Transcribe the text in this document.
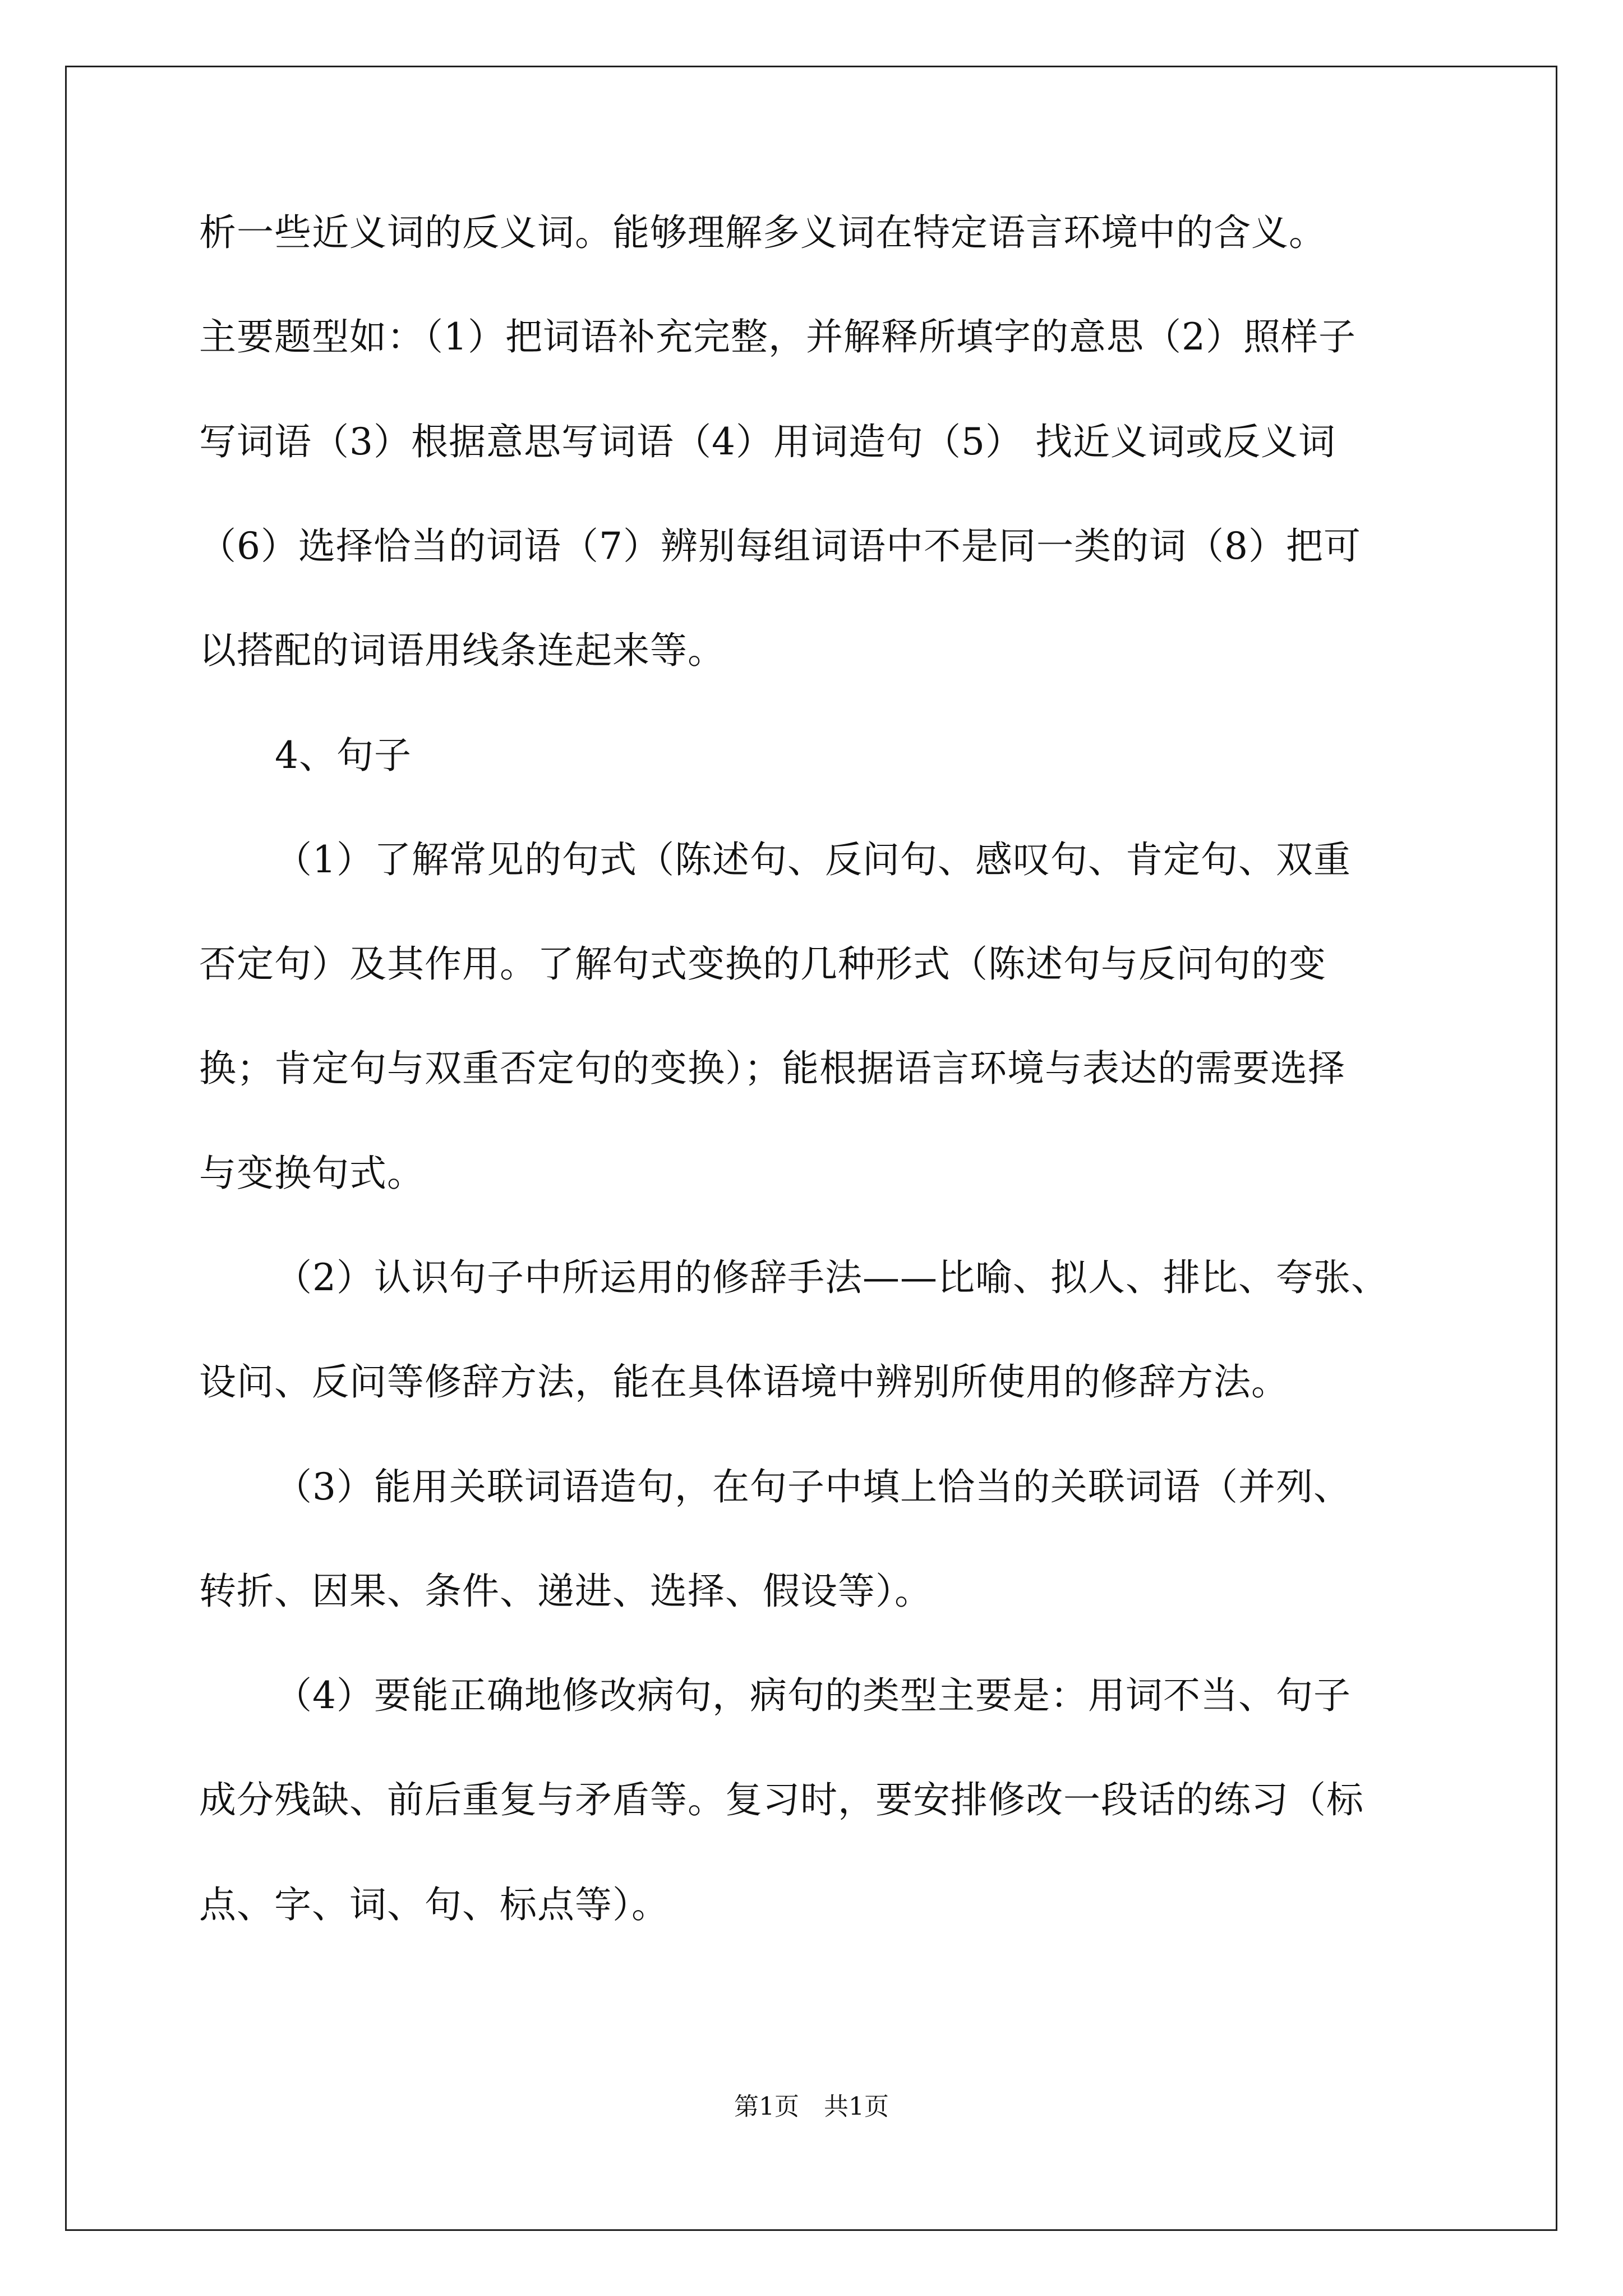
析一些近义词的反义词。能够理解多义词在特定语言环境中的含义。
主要题型如：（1）把词语补充完整，并解释所填字的意思（2）照样子
写词语（3）根据意思写词语（4）用词造句（5） 找近义词或反义词
（6）选择恰当的词语（7）辨别每组词语中不是同一类的词（8）把可
以搭配的词语用线条连起来等。
4、句子
（1）了解常见的句式（陈述句、反问句、感叹句、肯定句、双重
否定句）及其作用。了解句式变换的几种形式（陈述句与反问句的变
换；肯定句与双重否定句的变换）；能根据语言环境与表达的需要选择
与变换句式。
（2）认识句子中所运用的修辞手法——比喻、拟人、排比、夸张、
设问、反问等修辞方法，能在具体语境中辨别所使用的修辞方法。
（3）能用关联词语造句，在句子中填上恰当的关联词语（并列、
转折、因果、条件、递进、选择、假设等）。
（4）要能正确地修改病句，病句的类型主要是：用词不当、句子
成分残缺、前后重复与矛盾等。复习时，要安排修改一段话的练习（标
点、字、词、句、标点等）。
第1页　共1页
